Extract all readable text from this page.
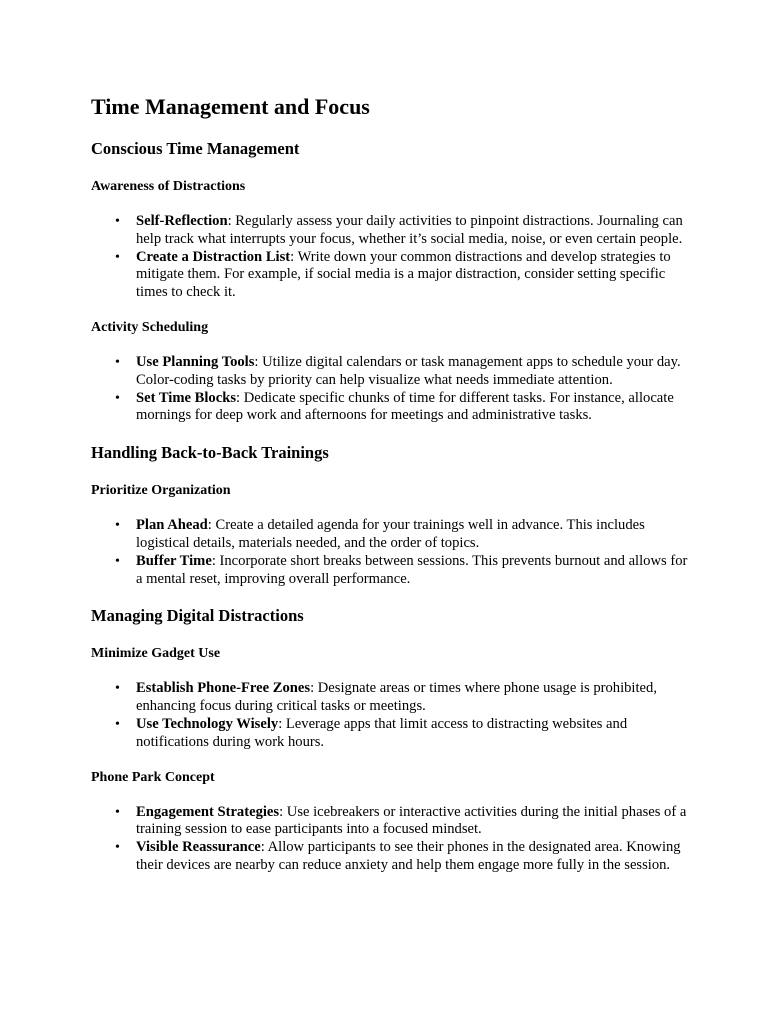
Time Management and Focus
Conscious Time Management
Awareness of Distractions
• Self-Reflection: Regularly assess your daily activities to pinpoint distractions. Journaling can help track what interrupts your focus, whether it’s social media, noise, or even certain people.
• Create a Distraction List: Write down your common distractions and develop strategies to mitigate them. For example, if social media is a major distraction, consider setting specific times to check it.
Activity Scheduling
• Use Planning Tools: Utilize digital calendars or task management apps to schedule your day. Color-coding tasks by priority can help visualize what needs immediate attention.
• Set Time Blocks: Dedicate specific chunks of time for different tasks. For instance, allocate mornings for deep work and afternoons for meetings and administrative tasks.
Handling Back-to-Back Trainings
Prioritize Organization
• Plan Ahead: Create a detailed agenda for your trainings well in advance. This includes logistical details, materials needed, and the order of topics.
• Buffer Time: Incorporate short breaks between sessions. This prevents burnout and allows for a mental reset, improving overall performance.
Managing Digital Distractions
Minimize Gadget Use
• Establish Phone-Free Zones: Designate areas or times where phone usage is prohibited, enhancing focus during critical tasks or meetings.
• Use Technology Wisely: Leverage apps that limit access to distracting websites and notifications during work hours.
Phone Park Concept
• Engagement Strategies: Use icebreakers or interactive activities during the initial phases of a training session to ease participants into a focused mindset.
• Visible Reassurance: Allow participants to see their phones in the designated area. Knowing their devices are nearby can reduce anxiety and help them engage more fully in the session.
